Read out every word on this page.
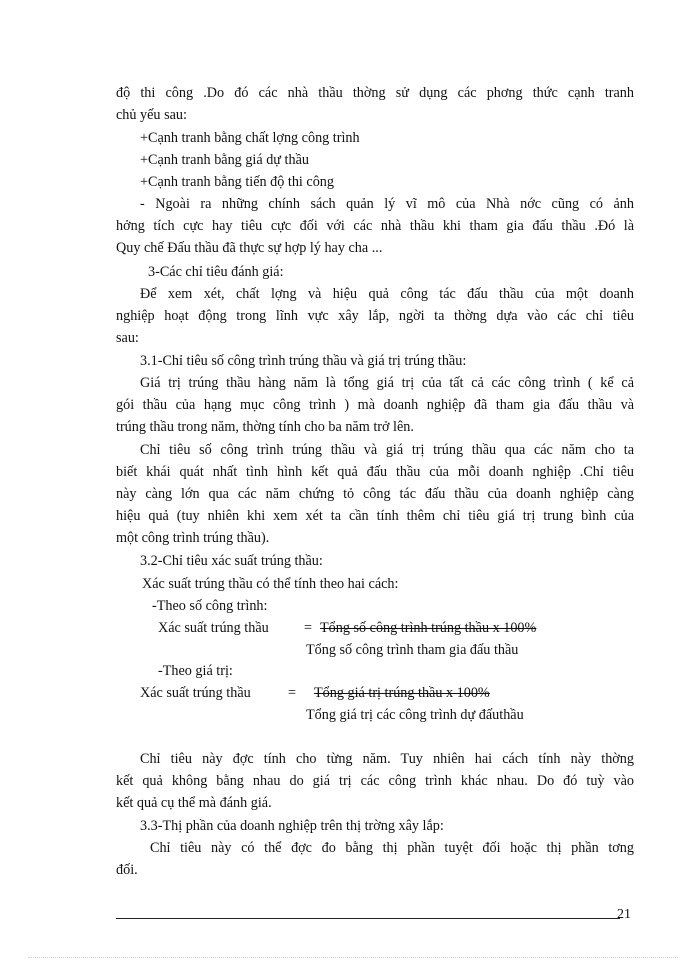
độ thi công .Do đó các nhà thầu thờng sử dụng các phơng thức cạnh tranh
chủ yếu sau:
+Cạnh tranh bằng chất lợng công trình
+Cạnh tranh bằng giá dự thầu
+Cạnh tranh bằng tiến độ thi công
- Ngoài ra những chính sách quản lý vĩ mô của Nhà nớc cũng có ảnh
hởng tích cực hay tiêu cực đối với các nhà thầu khi tham gia đấu thầu .Đó là
Quy chế Đấu thầu đã thực sự hợp lý hay cha ...
3-Các chỉ tiêu đánh giá:
Để xem xét, chất lợng và hiệu quả công tác đấu thầu của một doanh
nghiệp hoạt động trong lĩnh vực xây lắp, ngời ta thờng dựa vào các chỉ tiêu
sau:
3.1-Chỉ tiêu số công trình trúng thầu và giá trị trúng thầu:
Giá trị trúng thầu hàng năm là tổng giá trị của tất cả các công trình ( kể cả
gói thầu của hạng mục công trình ) mà doanh nghiệp đã tham gia đấu thầu và
trúng thầu trong năm, thờng tính cho ba năm trở lên.
Chỉ tiêu số công trình trúng thầu và giá trị trúng thầu qua các năm cho ta
biết khái quát nhất tình hình kết quả đấu thầu của mỗi doanh nghiệp .Chỉ tiêu
này càng lớn qua các năm chứng tỏ công tác đấu thầu của doanh nghiệp càng
hiệu quả (tuy nhiên khi xem xét ta cần tính thêm chỉ tiêu giá trị trung bình của
một công trình trúng thầu).
3.2-Chỉ tiêu xác suất trúng thầu:
Xác suất trúng thầu có thể tính theo hai cách:
-Theo số công trình:
Xác suất trúng thầu = Tổng số công trình trúng thầu x 100%
Tổng số công trình tham gia đấu thầu
-Theo giá trị:
Xác suất trúng thầu	= Tổng giá trị trúng thầu x 100%
Tổng giá trị các công trình dự đấuthầu
Chỉ tiêu này đợc tính cho từng năm. Tuy nhiên hai cách tính này thờng
kết quả không bằng nhau do giá trị các công trình khác nhau. Do đó tuỳ vào
kết quả cụ thể mà đánh giá.
3.3-Thị phần của doanh nghiệp trên thị trờng xây lắp:
Chỉ tiêu này có thể đợc đo bằng thị phần tuyệt đối hoặc thị phần tơng
đối.
21
